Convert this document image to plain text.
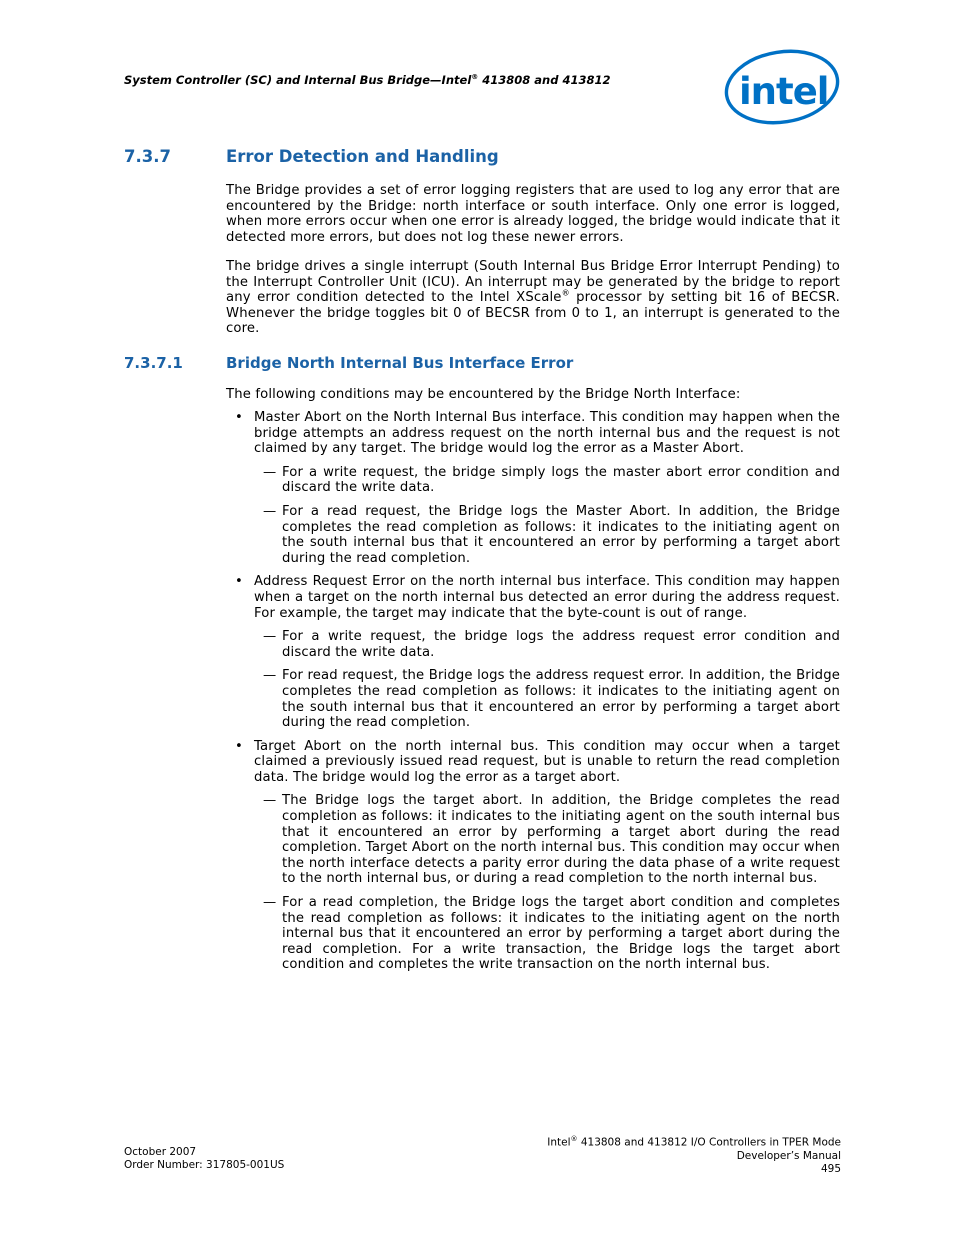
System Controller (SC) and Internal Bus Bridge—Intel® 413808 and 413812	intel
7.3.7	Error Detection and Handling
The Bridge provides a set of error logging registers that are used to log any error that are encountered by the Bridge: north interface or south interface. Only one error is logged, when more errors occur when one error is already logged, the bridge would indicate that it detected more errors, but does not log these newer errors.
The bridge drives a single interrupt (South Internal Bus Bridge Error Interrupt Pending) to the Interrupt Controller Unit (ICU). An interrupt may be generated by the bridge to report any error condition detected to the Intel XScale® processor by setting bit 16 of BECSR. Whenever the bridge toggles bit 0 of BECSR from 0 to 1, an interrupt is generated to the core.
7.3.7.1	Bridge North Internal Bus Interface Error
The following conditions may be encountered by the Bridge North Interface:
• Master Abort on the North Internal Bus interface. This condition may happen when the bridge attempts an address request on the north internal bus and the request is not claimed by any target. The bridge would log the error as a Master Abort.
— For a write request, the bridge simply logs the master abort error condition and discard the write data.
— For a read request, the Bridge logs the Master Abort. In addition, the Bridge completes the read completion as follows: it indicates to the initiating agent on the south internal bus that it encountered an error by performing a target abort during the read completion.
• Address Request Error on the north internal bus interface. This condition may happen when a target on the north internal bus detected an error during the address request. For example, the target may indicate that the byte-count is out of range.
— For a write request, the bridge logs the address request error condition and discard the write data.
— For read request, the Bridge logs the address request error. In addition, the Bridge completes the read completion as follows: it indicates to the initiating agent on the south internal bus that it encountered an error by performing a target abort during the read completion.
• Target Abort on the north internal bus. This condition may occur when a target claimed a previously issued read request, but is unable to return the read completion data. The bridge would log the error as a target abort.
— The Bridge logs the target abort. In addition, the Bridge completes the read completion as follows: it indicates to the initiating agent on the south internal bus that it encountered an error by performing a target abort during the read completion. Target Abort on the north internal bus. This condition may occur when the north interface detects a parity error during the data phase of a write request to the north internal bus, or during a read completion to the north internal bus.
— For a read completion, the Bridge logs the target abort condition and completes the read completion as follows: it indicates to the initiating agent on the north internal bus that it encountered an error by performing a target abort during the read completion. For a write transaction, the Bridge logs the target abort condition and completes the write transaction on the north internal bus.
October 2007
Order Number: 317805-001US
Intel® 413808 and 413812 I/O Controllers in TPER Mode
Developer’s Manual
495
